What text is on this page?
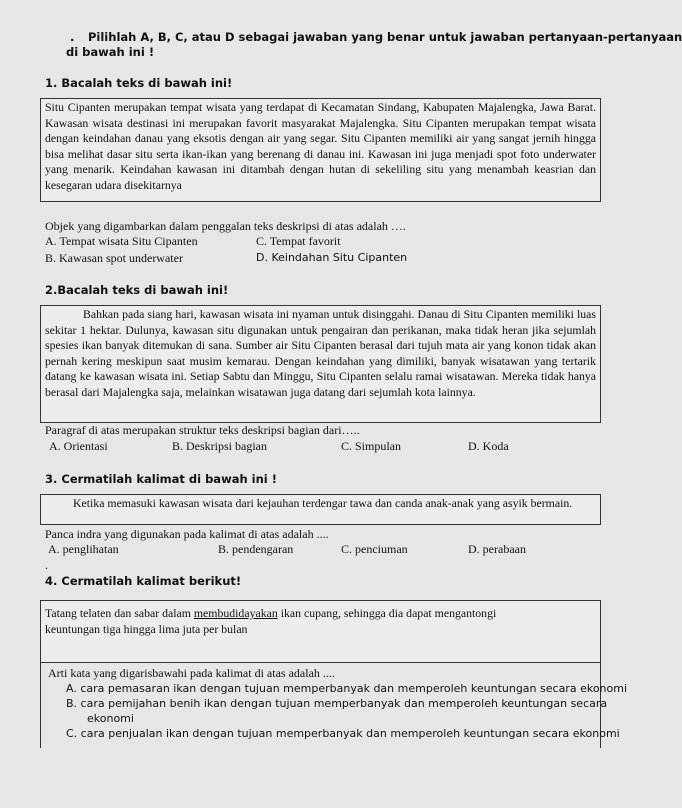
. Pilihlah A, B, C, atau D sebagai jawaban yang benar untuk jawaban pertanyaan-pertanyaan
di bawah ini !
1. Bacalah teks di bawah ini!
Situ Cipanten merupakan tempat wisata yang terdapat di Kecamatan Sindang, Kabupaten Majalengka, Jawa Barat. Kawasan wisata destinasi ini merupakan favorit masyarakat Majalengka. Situ Cipanten merupakan tempat wisata dengan keindahan danau yang eksotis dengan air yang segar. Situ Cipanten memiliki air yang sangat jernih hingga bisa melihat dasar situ serta ikan-ikan yang berenang di danau ini. Kawasan ini juga menjadi spot foto underwater yang menarik. Keindahan kawasan ini ditambah dengan hutan di sekeliling situ yang menambah keasrian dan kesegaran udara disekitarnya
Objek yang digambarkan dalam penggalan teks deskripsi di atas adalah ….
A. Tempat wisata Situ Cipanten	C. Tempat favorit
B. Kawasan spot underwater	D. Keindahan Situ Cipanten
2.Bacalah teks di bawah ini!
Bahkan pada siang hari, kawasan wisata ini nyaman untuk disinggahi. Danau di Situ Cipanten memiliki luas sekitar 1 hektar. Dulunya, kawasan situ digunakan untuk pengairan dan perikanan, maka tidak heran jika sejumlah spesies ikan banyak ditemukan di sana. Sumber air Situ Cipanten berasal dari tujuh mata air yang konon tidak akan pernah kering meskipun saat musim kemarau. Dengan keindahan yang dimiliki, banyak wisatawan yang tertarik datang ke kawasan wisata ini. Setiap Sabtu dan Minggu, Situ Cipanten selalu ramai wisatawan. Mereka tidak hanya berasal dari Majalengka saja, melainkan wisatawan juga datang dari sejumlah kota lainnya.
Paragraf di atas merupakan struktur teks deskripsi bagian dari…..
A. Orientasi	B. Deskripsi bagian	C. Simpulan	D. Koda
3. Cermatilah kalimat di bawah ini !
Ketika memasuki kawasan wisata dari kejauhan terdengar tawa dan canda anak-anak yang asyik bermain.
Panca indra yang digunakan pada kalimat di atas adalah ....
A. penglihatan	B. pendengaran	C. penciuman	D. perabaan
.
4. Cermatilah kalimat berikut!
Tatang telaten dan sabar dalam membudidayakan ikan cupang, sehingga dia dapat mengantongi
keuntungan tiga hingga lima juta per bulan
Arti kata yang digarisbawahi pada kalimat di atas adalah ....
A. cara pemasaran ikan dengan tujuan memperbanyak dan memperoleh keuntungan secara ekonomi
B. cara pemijahan benih ikan dengan tujuan memperbanyak dan memperoleh keuntungan secara
ekonomi
C. cara penjualan ikan dengan tujuan memperbanyak dan memperoleh keuntungan secara ekonomi
